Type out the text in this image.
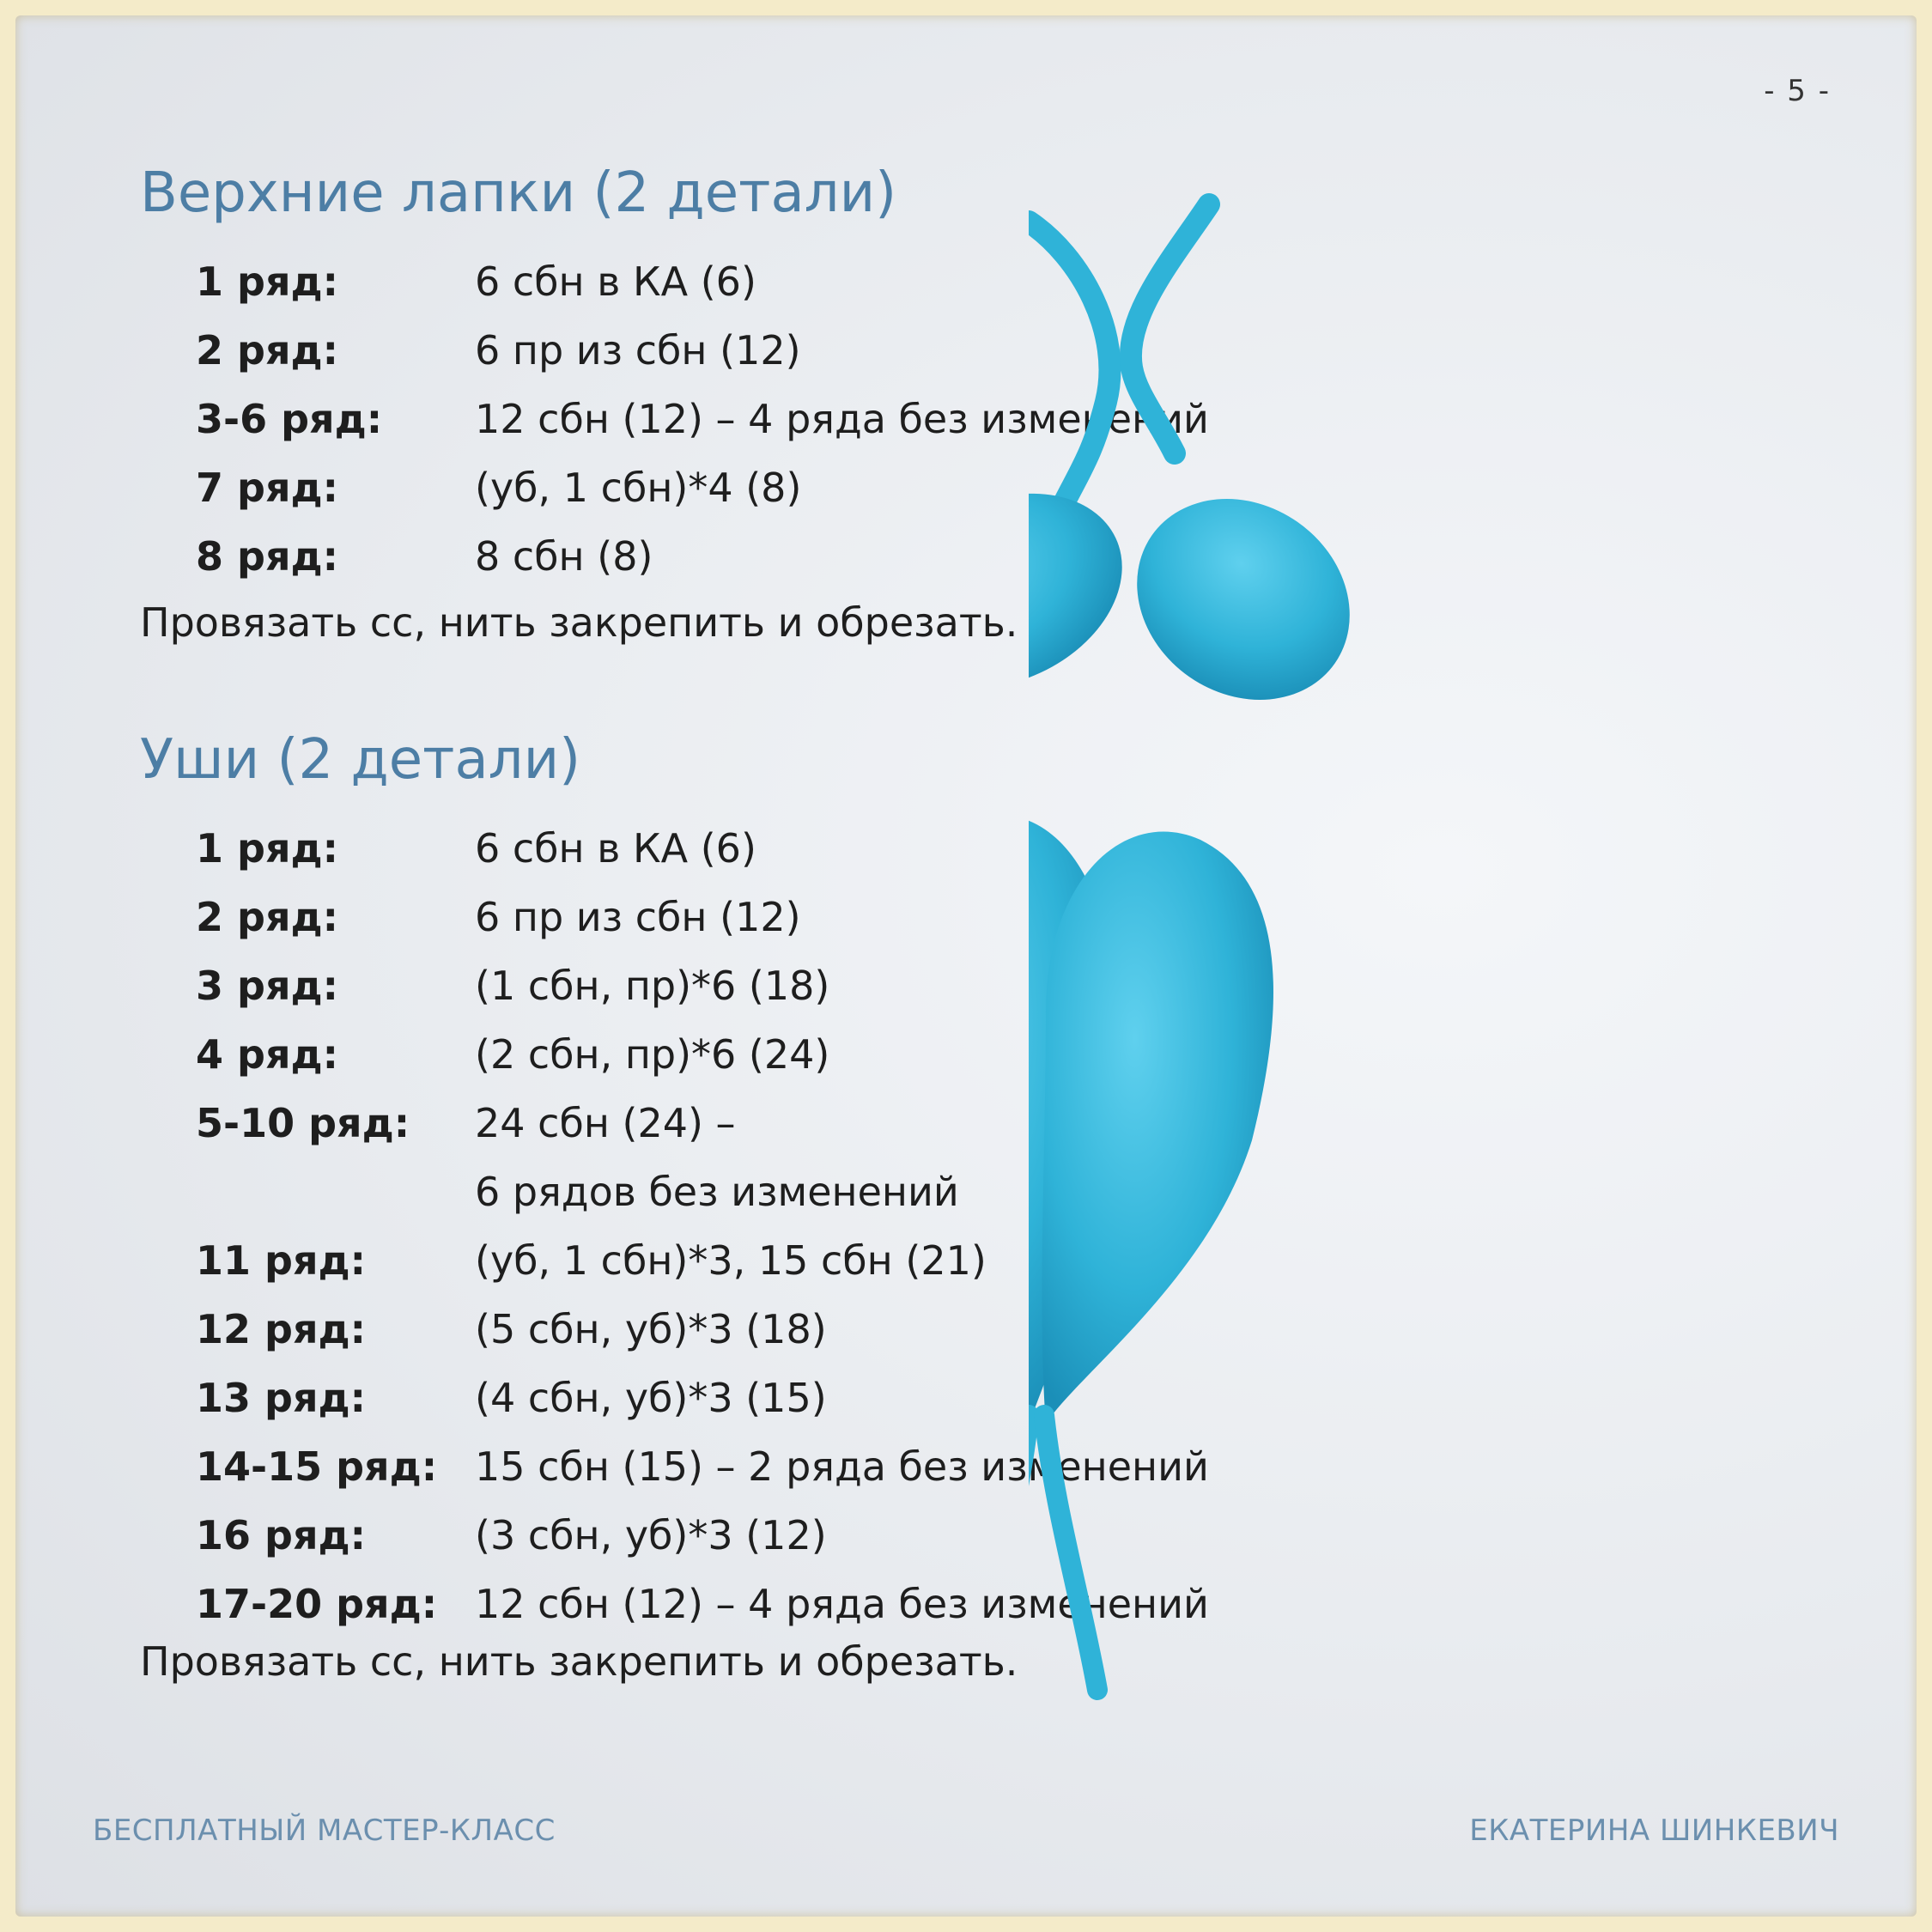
- 5 -
Верхние лапки (2 детали)
1 ряд:	6 сбн в КА (6)
2 ряд:	6 пр из сбн (12)
3-6 ряд:	12 сбн (12) – 4 ряда без изменений
7 ряд:	(уб, 1 сбн)*4 (8)
8 ряд:	8 сбн (8)
Провязать сс, нить закрепить и обрезать.
Уши (2 детали)
1 ряд:	6 сбн в КА (6)
2 ряд:	6 пр из сбн (12)
3 ряд:	(1 сбн, пр)*6 (18)
4 ряд:	(2 сбн, пр)*6 (24)
5-10 ряд:	24 сбн (24) –
6 рядов без изменений
11 ряд:	(уб, 1 сбн)*3, 15 сбн (21)
12 ряд:	(5 сбн, уб)*3 (18)
13 ряд:	(4 сбн, уб)*3 (15)
14-15 ряд: 15 сбн (15) – 2 ряда без изменений
16 ряд:	(3 сбн, уб)*3 (12)
17-20 ряд: 12 сбн (12) – 4 ряда без изменений
Провязать сс, нить закрепить и обрезать.
БЕСПЛАТНЫЙ МАСТЕР-КЛАСС	ЕКАТЕРИНА ШИНКЕВИЧ
